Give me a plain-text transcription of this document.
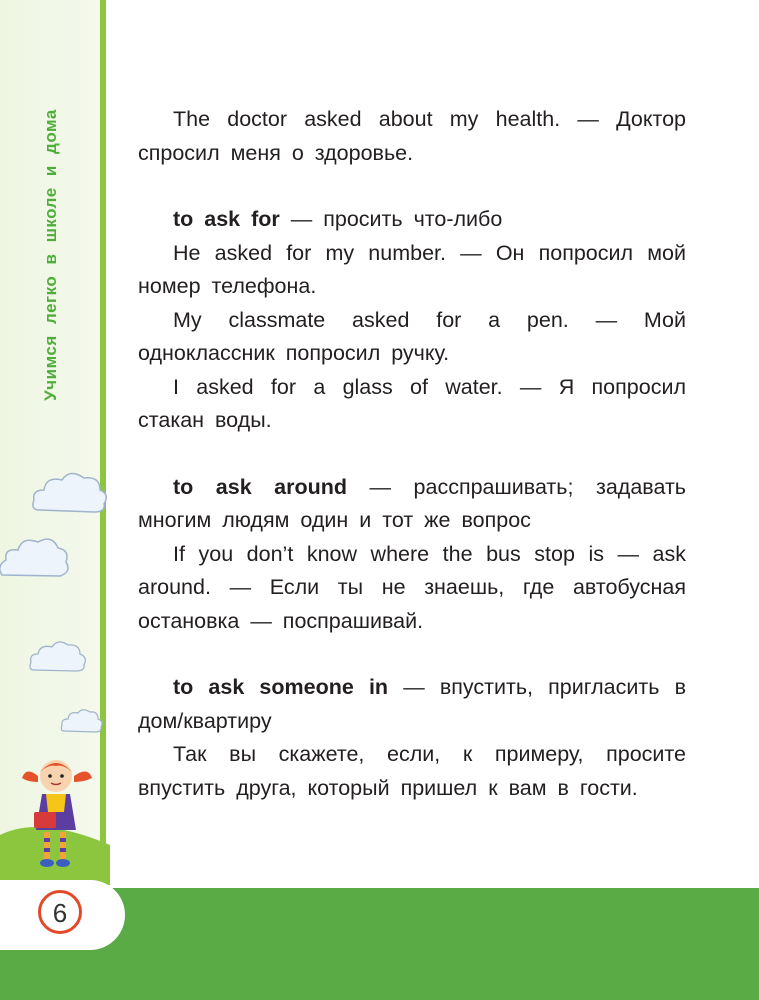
Учимся легко в школе и дома
6

The doctor asked about my health. — Доктор спросил меня о здоровье.

to ask for — просить что-либо

He asked for my number. — Он попросил мой номер телефона.

My classmate asked for a pen. — Мой одноклассник попросил ручку.

I asked for a glass of water. — Я попросил стакан воды.

to ask around — расспрашивать; задавать многим людям один и тот же вопрос

If you don’t know where the bus stop is — ask around. — Если ты не знаешь, где автобусная остановка — поспрашивай.

to ask someone in — впустить, пригласить в дом/квартиру

Так вы скажете, если, к примеру, просите впустить друга, который пришел к вам в гости.
